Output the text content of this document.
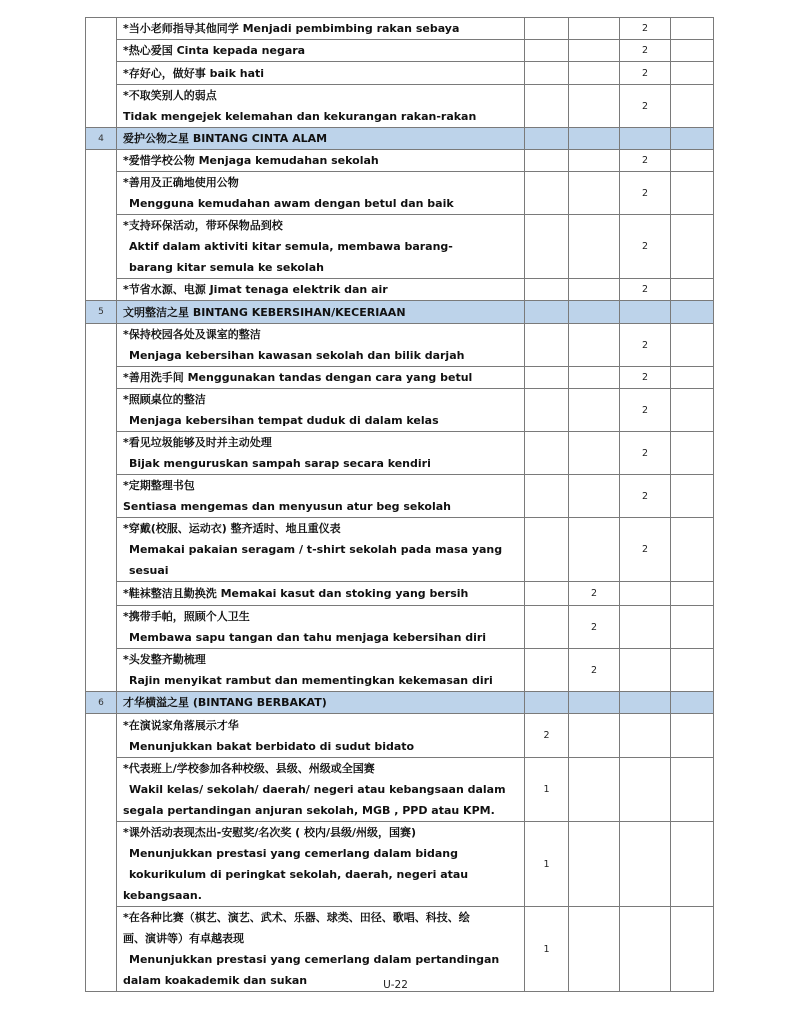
	*当小老师指导其他同学 Menjadi pembimbing rakan sebaya			2	

	*热心爱国 Cinta kepada negara			2	

	*存好心，做好事 baik hati			2	

	*不取笑别人的弱点
Tidak mengejek kelemahan dan kekurangan rakan-rakan			2	
4	爱护公物之星 BINTANG CINTA ALAM				

	*爱惜学校公物 Menjaga kemudahan sekolah			2	

	*善用及正确地使用公物
Mengguna kemudahan awam dengan betul dan baik			2	

	*支持环保活动，带环保物品到校
Aktif dalam aktiviti kitar semula, membawa barang-
barang kitar semula ke sekolah			2	

	*节省水源、电源 Jimat tenaga elektrik dan air			2	
5	文明整洁之星 BINTANG KEBERSIHAN/KECERIAAN				

	*保持校园各处及课室的整洁
Menjaga kebersihan kawasan sekolah dan bilik darjah			2	

	*善用洗手间 Menggunakan tandas dengan cara yang betul			2	

	*照顾桌位的整洁
Menjaga kebersihan tempat duduk di dalam kelas			2	

	*看见垃圾能够及时并主动处理
Bijak menguruskan sampah sarap secara kendiri			2	

	*定期整理书包
Sentiasa mengemas dan menyusun atur beg sekolah			2	

	*穿戴(校服、运动衣) 整齐适时、地且重仪表
Memakai pakaian seragam / t-shirt sekolah pada masa yang
sesuai			2	

	*鞋袜整洁且勤换洗 Memakai kasut dan stoking yang bersih		2		

	*携带手帕，照顾个人卫生
Membawa sapu tangan dan tahu menjaga kebersihan diri		2		

	*头发整齐勤梳理
Rajin menyikat rambut dan mementingkan kekemasan diri		2		
6	才华横溢之星 (BINTANG BERBAKAT)				

	*在演说家角落展示才华
Menunjukkan bakat berbidato di sudut bidato	2			

	*代表班上/学校参加各种校级、县级、州级或全国赛
Wakil kelas/ sekolah/ daerah/ negeri atau kebangsaan dalam
segala pertandingan anjuran sekolah, MGB , PPD atau KPM.	1			

	*课外活动表现杰出-安慰奖/名次奖 ( 校内/县级/州级，国赛)
Menunjukkan prestasi yang cemerlang dalam bidang
kokurikulum di peringkat sekolah, daerah, negeri atau
kebangsaan.	1			

	*在各种比赛（棋艺、演艺、武术、乐器、球类、田径、歌唱、科技、绘
画、演讲等）有卓越表现
Menunjukkan prestasi yang cemerlang dalam pertandingan
dalam koakademik dan sukan	1			
U-22
